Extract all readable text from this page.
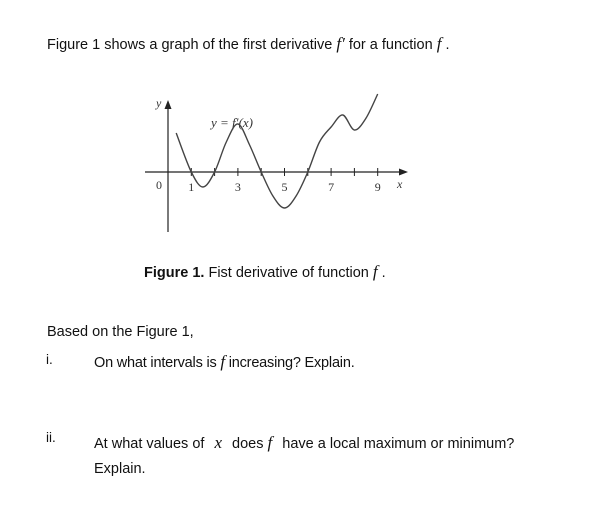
Figure 1 shows a graph of the first derivative f′ for a function f .
1	3	5	7	9
y
x
0
y = f′(x)
Figure 1. Fist derivative of function f .
Based on the Figure 1,
i.	On what intervals is f increasing? Explain.
ii.	At what values of x does f have a local maximum or minimum? Explain.
